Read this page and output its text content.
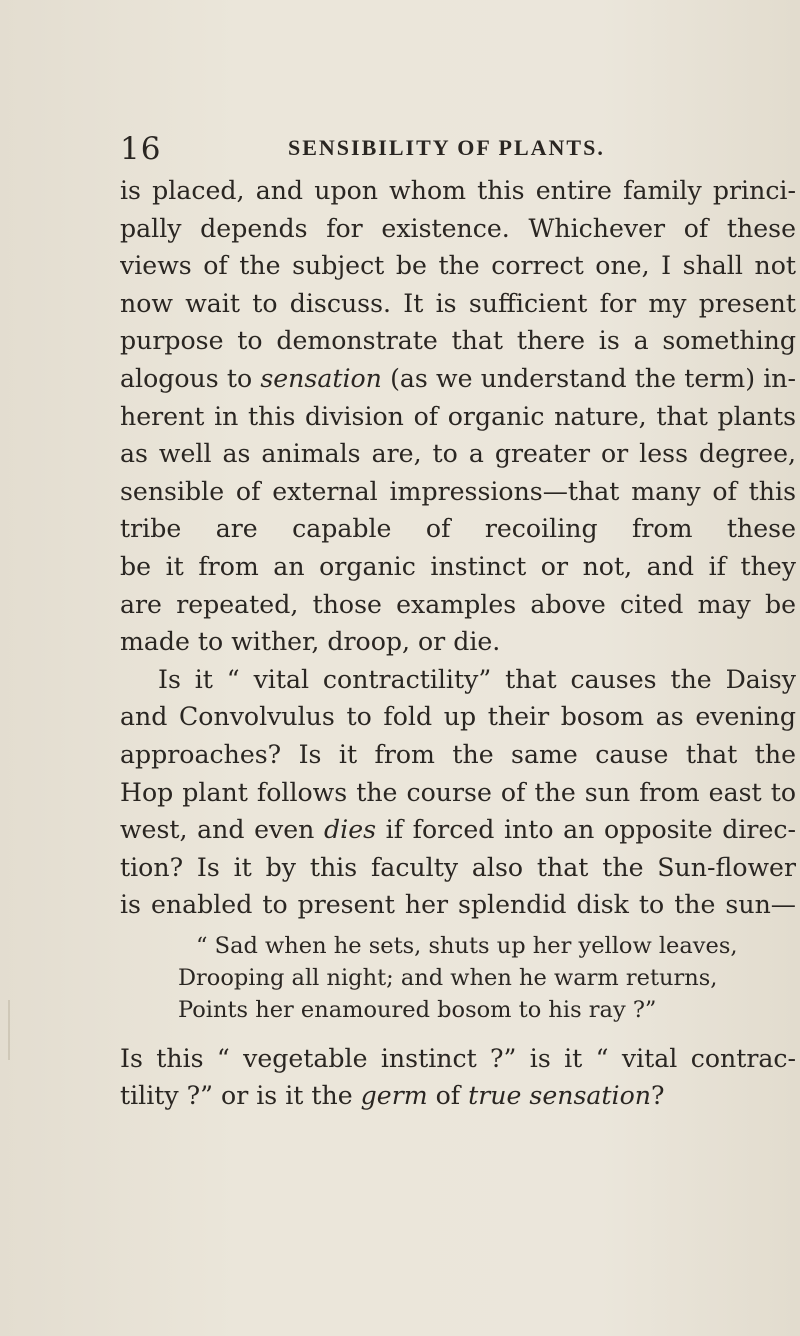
16	SENSIBILITY OF PLANTS.
is placed, and upon whom this entire family princi-
pally depends for existence. Whichever of these
views of the subject be the correct one, I shall not
now wait to discuss. It is sufficient for my present
purpose to demonstrate that there is a something
alogous to sensation (as we understand the term) in-
herent in this division of organic nature, that plants
as well as animals are, to a greater or less degree,
sensible of external impressions—that many of this
tribe are capable of recoiling from these
be it from an organic instinct or not, and if they
are repeated, those examples above cited may be
made to wither, droop, or die.
Is it “ vital contractility” that causes the Daisy
and Convolvulus to fold up their bosom as evening
approaches? Is it from the same cause that the
Hop plant follows the course of the sun from east to
west, and even dies if forced into an opposite direc-
tion? Is it by this faculty also that the Sun-flower
is enabled to present her splendid disk to the sun—
“ Sad when he sets, shuts up her yellow leaves,
Drooping all night; and when he warm returns,
Points her enamoured bosom to his ray ?”
Is this “ vegetable instinct ?” is it “ vital contrac-
tility ?” or is it the germ of true sensation?
